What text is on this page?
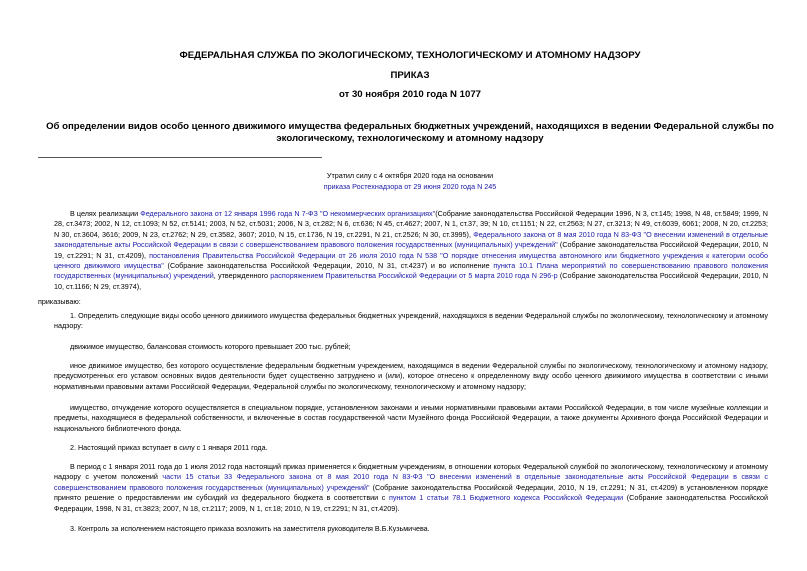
ФЕДЕРАЛЬНАЯ СЛУЖБА ПО ЭКОЛОГИЧЕСКОМУ, ТЕХНОЛОГИЧЕСКОМУ И АТОМНОМУ НАДЗОРУ
ПРИКАЗ
от 30 ноября 2010 года N 1077
Об определении видов особо ценного движимого имущества федеральных бюджетных учреждений, находящихся в ведении Федеральной службы по
экологическому, технологическому и атомному надзору
Утратил силу с 4 октября 2020 года на основании
приказа Ростехнадзора от 29 июня 2020 года N 245
В целях реализации Федерального закона от 12 января 1996 года N 7-ФЗ "О некоммерческих организациях"(Собрание законодательства Российской Федерации 1996, N 3, ст.145; 1998, N 48, ст.5849; 1999, N 28, ст.3473; 2002, N 12, ст.1093; N 52, ст.5141; 2003, N 52, ст.5031; 2006, N 3, ст.282; N 6, ст.636; N 45, ст.4627; 2007, N 1, ст.37, 39; N 10, ст.1151; N 22, ст.2563; N 27, ст.3213; N 49, ст.6039, 6061; 2008, N 20, ст.2253; N 30, ст.3604, 3616; 2009, N 23, ст.2762; N 29, ст.3582, 3607; 2010, N 15, ст.1736, N 19, ст.2291, N 21, ст.2526; N 30, ст.3995), Федерального закона от 8 мая 2010 года N 83-ФЗ "О внесении изменений в отдельные законодательные акты Российской Федерации в связи с совершенствованием правового положения государственных (муниципальных) учреждений" (Собрание законодательства Российской Федерации, 2010, N 19, ст.2291; N 31, ст.4209), постановления Правительства Российской Федерации от 26 июля 2010 года N 538 "О порядке отнесения имущества автономного или бюджетного учреждения к категории особо ценного движимого имущества" (Собрание законодательства Российской Федерации, 2010, N 31, ст.4237) и во исполнение пункта 10.1 Плана мероприятий по совершенствованию правового положения государственных (муниципальных) учреждений, утвержденного распоряжением Правительства Российской Федерации от 5 марта 2010 года N 296-р (Собрание законодательства Российской Федерации, 2010, N 10, ст.1166; N 29, ст.3974),
приказываю:
1. Определить следующие виды особо ценного движимого имущества федеральных бюджетных учреждений, находящихся в ведении Федеральной службы по экологическому, технологическому и атомному надзору:
движимое имущество, балансовая стоимость которого превышает 200 тыс. рублей;
иное движимое имущество, без которого осуществление федеральным бюджетным учреждением, находящимся в ведении Федеральной службы по экологическому, технологическому и атомному надзору, предусмотренных его уставом основных видов деятельности будет существенно затруднено и (или), которое отнесено к определенному виду особо ценного движимого имущества в соответствии с иными нормативными правовыми актами Российской Федерации, Федеральной службы по экологическому, технологическому и атомному надзору;
имущество, отчуждение которого осуществляется в специальном порядке, установленном законами и иными нормативными правовыми актами Российской Федерации, в том числе музейные коллекции и предметы, находящиеся в федеральной собственности, и включенные в состав государственной части Музейного фонда Российской Федерации, а также документы Архивного фонда Российской Федерации и национального библиотечного фонда.
2. Настоящий приказ вступает в силу с 1 января 2011 года.
В период с 1 января 2011 года до 1 июля 2012 года настоящий приказ применяется к бюджетным учреждениям, в отношении которых Федеральной службой по экологическому, технологическому и атомному надзору с учетом положений части 15 статьи 33 Федерального закона от 8 мая 2010 года N 83-ФЗ "О внесении изменений в отдельные законодательные акты Российской Федерации в связи с совершенствованием правового положения государственных (муниципальных) учреждений" (Собрание законодательства Российской Федерации, 2010, N 19, ст.2291; N 31, ст.4209) в установленном порядке принято решение о предоставлении им субсидий из федерального бюджета в соответствии с пунктом 1 статьи 78.1 Бюджетного кодекса Российской Федерации (Собрание законодательства Российской Федерации, 1998, N 31, ст.3823; 2007, N 18, ст.2117; 2009, N 1, ст.18; 2010, N 19, ст.2291; N 31, ст.4209).
3. Контроль за исполнением настоящего приказа возложить на заместителя руководителя В.Б.Кузьмичева.
